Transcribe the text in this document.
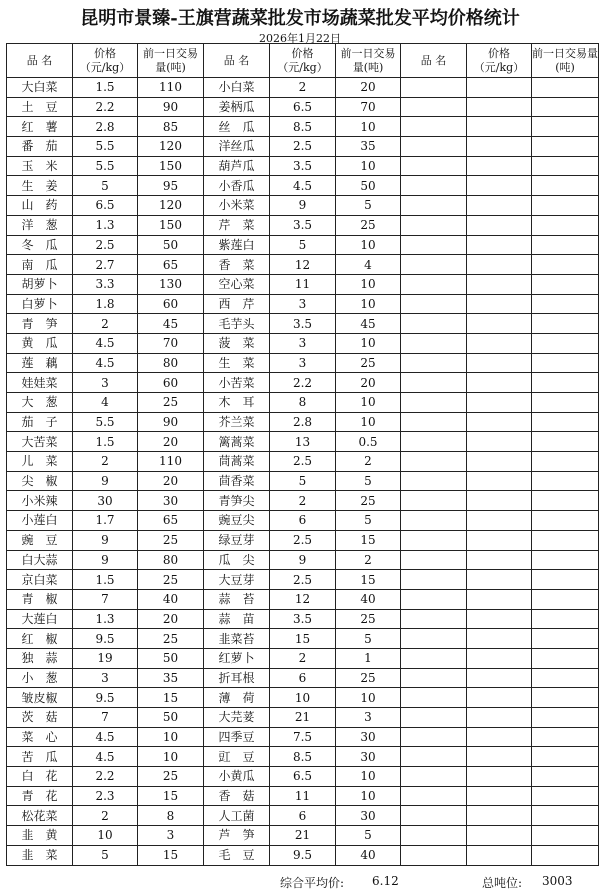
昆明市景臻-王旗营蔬菜批发市场蔬菜批发平均价格统计
2026年1月22日
品 名	价格（元/kg）	前一日交易量(吨)	品 名	价格（元/kg）	前一日交易量(吨)	品 名	价格（元/kg）	前一日交易量(吨)
大白菜	1.5	110	小白菜	2	20			
土　豆	2.2	90	姜柄瓜	6.5	70			
红　薯	2.8	85	丝　瓜	8.5	10			
番　茄	5.5	120	洋丝瓜	2.5	35			
玉　米	5.5	150	葫芦瓜	3.5	10			
生　姜	5	95	小香瓜	4.5	50			
山　药	6.5	120	小米菜	9	5			
洋　葱	1.3	150	芹　菜	3.5	25			
冬　瓜	2.5	50	紫莲白	5	10			
南　瓜	2.7	65	香　菜	12	4			
胡萝卜	3.3	130	空心菜	11	10			
白萝卜	1.8	60	西　芹	3	10			
青　笋	2	45	毛芋头	3.5	45			
黄　瓜	4.5	70	菠　菜	3	10			
莲　藕	4.5	80	生　菜	3	25			
娃娃菜	3	60	小苦菜	2.2	20			
大　葱	4	25	木　耳	8	10			
茄　子	5.5	90	芥兰菜	2.8	10			
大苦菜	1.5	20	篱蒿菜	13	0.5			
儿　菜	2	110	茼蒿菜	2.5	2			
尖　椒	9	20	茴香菜	5	5			
小米辣	30	30	青笋尖	2	25			
小莲白	1.7	65	豌豆尖	6	5			
豌　豆	9	25	绿豆芽	2.5	15			
白大蒜	9	80	瓜　尖	9	2			
京白菜	1.5	25	大豆芽	2.5	15			
青　椒	7	40	蒜　苔	12	40			
大莲白	1.3	20	蒜　苗	3.5	25			
红　椒	9.5	25	韭菜苔	15	5			
独　蒜	19	50	红萝卜	2	1			
小　葱	3	35	折耳根	6	25			
皱皮椒	9.5	15	薄　荷	10	10			
茨　菇	7	50	大芫荽	21	3			
菜　心	4.5	10	四季豆	7.5	30			
苦　瓜	4.5	10	豇　豆	8.5	30			
白　花	2.2	25	小黄瓜	6.5	10			
青　花	2.3	15	香　菇	11	10			
松花菜	2	8	人工菌	6	30			
韭　黄	10	3	芦　笋	21	5			
韭　菜	5	15	毛　豆	9.5	40			
综合平均价: 6.12	总吨位: 3003
